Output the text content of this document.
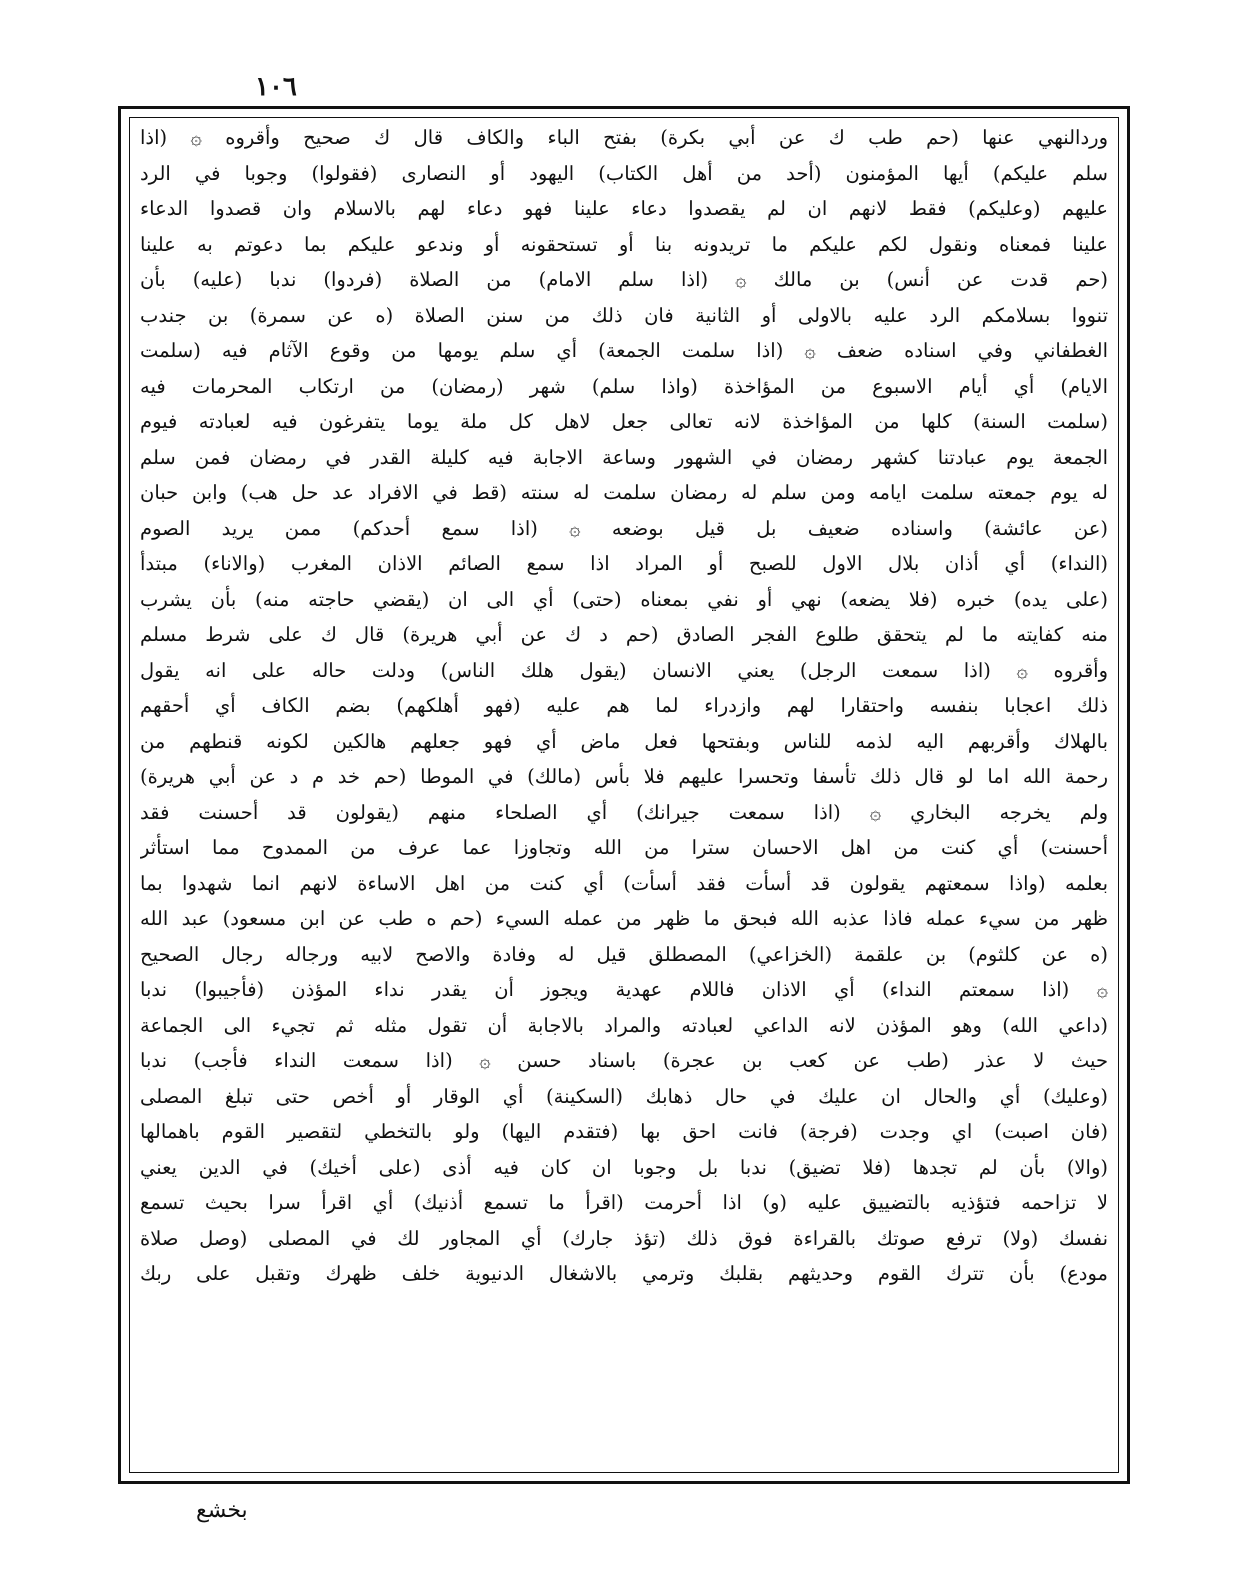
١٠٦
وردالنهي عنها (حم طب ك عن أبي بكرة) بفتح الباء والكاف قال ك صحيح وأقروه ۞ (اذا
سلم عليكم) أيها المؤمنون (أحد من أهل الكتاب) اليهود أو النصارى (فقولوا) وجوبا في الرد
عليهم (وعليكم) فقط لانهم ان لم يقصدوا دعاء علينا فهو دعاء لهم بالاسلام وان قصدوا الدعاء
علينا فمعناه ونقول لكم عليكم ما تريدونه بنا أو تستحقونه أو وندعو عليكم بما دعوتم به علينا
(حم قدت عن أنس) بن مالك ۞ (اذا سلم الامام) من الصلاة (فردوا) ندبا (عليه) بأن
تنووا بسلامكم الرد عليه بالاولى أو الثانية فان ذلك من سنن الصلاة (ه عن سمرة) بن جندب
الغطفاني وفي اسناده ضعف ۞ (اذا سلمت الجمعة) أي سلم يومها من وقوع الآثام فيه (سلمت
الايام) أي أيام الاسبوع من المؤاخذة (واذا سلم) شهر (رمضان) من ارتكاب المحرمات فيه
(سلمت السنة) كلها من المؤاخذة لانه تعالى جعل لاهل كل ملة يوما يتفرغون فيه لعبادته فيوم
الجمعة يوم عبادتنا كشهر رمضان في الشهور وساعة الاجابة فيه كليلة القدر في رمضان فمن سلم
له يوم جمعته سلمت ايامه ومن سلم له رمضان سلمت له سنته (قط في الافراد عد حل هب) وابن حبان
(عن عائشة) واسناده ضعيف بل قيل بوضعه ۞ (اذا سمع أحدكم) ممن يريد الصوم
(النداء) أي أذان بلال الاول للصبح أو المراد اذا سمع الصائم الاذان المغرب (والاناء) مبتدأ
(على يده) خبره (فلا يضعه) نهي أو نفي بمعناه (حتى) أي الى ان (يقضي حاجته منه) بأن يشرب
منه كفايته ما لم يتحقق طلوع الفجر الصادق (حم د ك عن أبي هريرة) قال ك على شرط مسلم
وأقروه ۞ (اذا سمعت الرجل) يعني الانسان (يقول هلك الناس) ودلت حاله على انه يقول
ذلك اعجابا بنفسه واحتقارا لهم وازدراء لما هم عليه (فهو أهلكهم) بضم الكاف أي أحقهم
بالهلاك وأقربهم اليه لذمه للناس وبفتحها فعل ماض أي فهو جعلهم هالكين لكونه قنطهم من
رحمة الله اما لو قال ذلك تأسفا وتحسرا عليهم فلا بأس (مالك) في الموطا (حم خد م د عن أبي هريرة)
ولم يخرجه البخاري ۞ (اذا سمعت جيرانك) أي الصلحاء منهم (يقولون قد أحسنت فقد
أحسنت) أي كنت من اهل الاحسان سترا من الله وتجاوزا عما عرف من الممدوح مما استأثر
بعلمه (واذا سمعتهم يقولون قد أسأت فقد أسأت) أي كنت من اهل الاساءة لانهم انما شهدوا بما
ظهر من سيء عمله فاذا عذبه الله فبحق ما ظهر من عمله السيء (حم ه طب عن ابن مسعود) عبد الله
(ه عن كلثوم) بن علقمة (الخزاعي) المصطلق قيل له وفادة والاصح لابيه ورجاله رجال الصحيح
۞ (اذا سمعتم النداء) أي الاذان فاللام عهدية ويجوز أن يقدر نداء المؤذن (فأجيبوا) ندبا
(داعي الله) وهو المؤذن لانه الداعي لعبادته والمراد بالاجابة أن تقول مثله ثم تجيء الى الجماعة
حيث لا عذر (طب عن كعب بن عجرة) باسناد حسن ۞ (اذا سمعت النداء فأجب) ندبا
(وعليك) أي والحال ان عليك في حال ذهابك (السكينة) أي الوقار أو أخص حتى تبلغ المصلى
(فان اصبت) اي وجدت (فرجة) فانت احق بها (فتقدم اليها) ولو بالتخطي لتقصير القوم باهمالها
(والا) بأن لم تجدها (فلا تضيق) ندبا بل وجوبا ان كان فيه أذى (على أخيك) في الدين يعني
لا تزاحمه فتؤذيه بالتضييق عليه (و) اذا أحرمت (اقرأ ما تسمع أذنيك) أي اقرأ سرا بحيث تسمع
نفسك (ولا) ترفع صوتك بالقراءة فوق ذلك (تؤذ جارك) أي المجاور لك في المصلى (وصل صلاة
مودع) بأن تترك القوم وحديثهم بقلبك وترمي بالاشغال الدنيوية خلف ظهرك وتقبل على ربك
بخشع
